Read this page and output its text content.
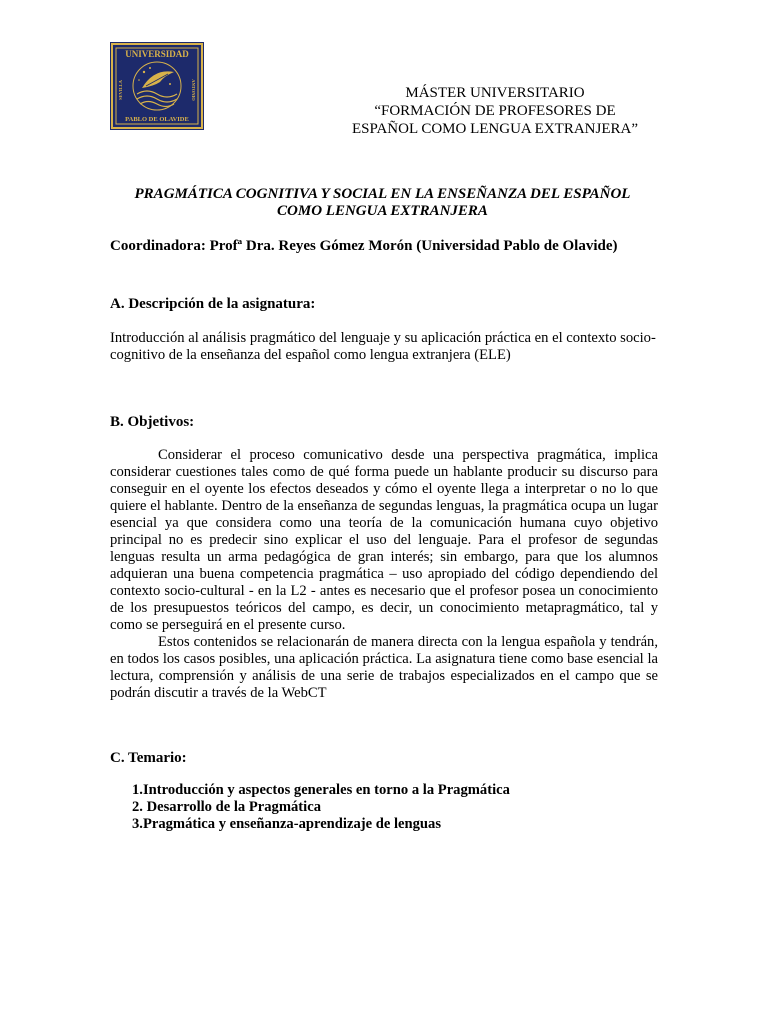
UNIVERSIDAD
PABLO DE OLAVIDE
SEVILLA	ANTONIO	MÁSTER UNIVERSITARIO
“FORMACIÓN DE PROFESORES DE
ESPAÑOL COMO LENGUA EXTRANJERA”
PRAGMÁTICA COGNITIVA Y SOCIAL EN LA ENSEÑANZA DEL ESPAÑOL
COMO LENGUA EXTRANJERA
Coordinadora: Profª Dra. Reyes Gómez Morón (Universidad Pablo de Olavide)
A. Descripción de la asignatura:

Introducción al análisis pragmático del lenguaje y su aplicación práctica en el contexto socio-cognitivo de la enseñanza del español como lengua extranjera (ELE)

B. Objetivos:

Considerar el proceso comunicativo desde una perspectiva pragmática, implica considerar cuestiones tales como de qué forma puede un hablante producir su discurso para conseguir en el oyente los efectos deseados y cómo el oyente llega a interpretar o no lo que quiere el hablante. Dentro de la enseñanza de segundas lenguas, la pragmática ocupa un lugar esencial ya que considera como una teoría de la comunicación humana cuyo objetivo principal no es predecir sino explicar el uso del lenguaje. Para el profesor de segundas lenguas resulta un arma pedagógica de gran interés; sin embargo, para que los alumnos adquieran una buena competencia pragmática – uso apropiado del código dependiendo del contexto socio-cultural - en la L2 - antes es necesario que el profesor posea un conocimiento de los presupuestos teóricos del campo, es decir, un conocimiento metapragmático, tal y como se perseguirá en el presente curso.

Estos contenidos se relacionarán de manera directa con la lengua española y tendrán, en todos los casos posibles, una aplicación práctica. La asignatura tiene como base esencial la lectura, comprensión y análisis de una serie de trabajos especializados en el campo que se podrán discutir a través de la WebCT

C. Temario:
1.Introducción y aspectos generales en torno a la Pragmática
2. Desarrollo de la Pragmática
3.Pragmática y enseñanza-aprendizaje de lenguas
